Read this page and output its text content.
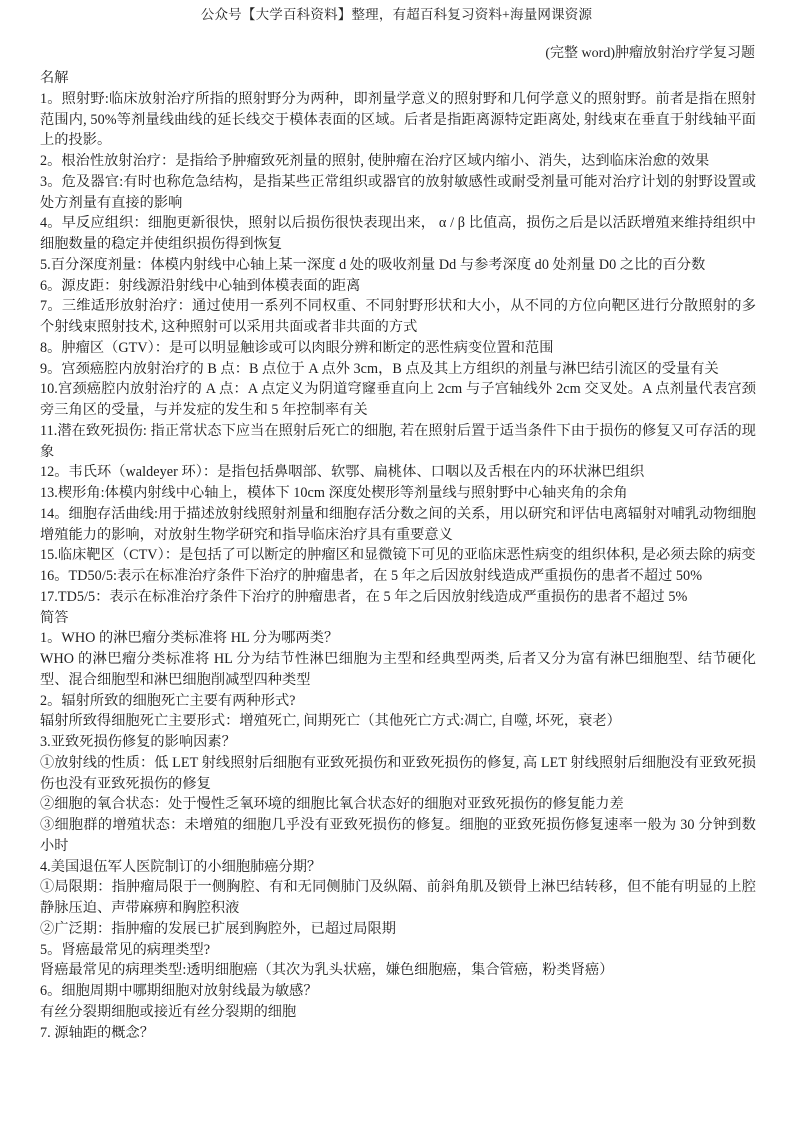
公众号【大学百科资料】整理，有超百科复习资料+海量网课资源
(完整 word)肿瘤放射治疗学复习题

名解

1。照射野:临床放射治疗所指的照射野分为两种，即剂量学意义的照射野和几何学意义的照射野。前者是指在照射范围内, 50%等剂量线曲线的延长线交于模体表面的区域。后者是指距离源特定距离处, 射线束在垂直于射线轴平面上的投影。

2。根治性放射治疗：是指给予肿瘤致死剂量的照射, 使肿瘤在治疗区域内缩小、消失，达到临床治愈的效果

3。危及器官:有时也称危急结构，是指某些正常组织或器官的放射敏感性或耐受剂量可能对治疗计划的射野设置或处方剂量有直接的影响

4。早反应组织：细胞更新很快，照射以后损伤很快表现出来， α / β 比值高，损伤之后是以活跃增殖来维持组织中细胞数量的稳定并使组织损伤得到恢复

5.百分深度剂量：体模内射线中心轴上某一深度 d 处的吸收剂量 Dd 与参考深度 d0 处剂量 D0 之比的百分数

6。源皮距：射线源沿射线中心轴到体模表面的距离

7。三维适形放射治疗：通过使用一系列不同权重、不同射野形状和大小，从不同的方位向靶区进行分散照射的多个射线束照射技术, 这种照射可以采用共面或者非共面的方式

8。肿瘤区（GTV）：是可以明显触诊或可以肉眼分辨和断定的恶性病变位置和范围

9。宫颈癌腔内放射治疗的 B 点：B 点位于 A 点外 3cm，B 点及其上方组织的剂量与淋巴结引流区的受量有关

10.宫颈癌腔内放射治疗的 A 点：A 点定义为阴道穹窿垂直向上 2cm 与子宫轴线外 2cm 交叉处。A 点剂量代表宫颈旁三角区的受量，与并发症的发生和 5 年控制率有关

11.潜在致死损伤: 指正常状态下应当在照射后死亡的细胞, 若在照射后置于适当条件下由于损伤的修复又可存活的现象

12。韦氏环（waldeyer 环）：是指包括鼻咽部、软鄂、扁桃体、口咽以及舌根在内的环状淋巴组织

13.楔形角:体模内射线中心轴上，模体下 10cm 深度处楔形等剂量线与照射野中心轴夹角的余角

14。细胞存活曲线:用于描述放射线照射剂量和细胞存活分数之间的关系，用以研究和评估电离辐射对哺乳动物细胞增殖能力的影响，对放射生物学研究和指导临床治疗具有重要意义

15.临床靶区（CTV）：是包括了可以断定的肿瘤区和显微镜下可见的亚临床恶性病变的组织体积, 是必须去除的病变

16。TD50/5:表示在标准治疗条件下治疗的肿瘤患者，在 5 年之后因放射线造成严重损伤的患者不超过 50%

17.TD5/5：表示在标准治疗条件下治疗的肿瘤患者，在 5 年之后因放射线造成严重损伤的患者不超过 5%

简答

1。WHO 的淋巴瘤分类标准将 HL 分为哪两类？

WHO 的淋巴瘤分类标准将 HL 分为结节性淋巴细胞为主型和经典型两类, 后者又分为富有淋巴细胞型、结节硬化型、混合细胞型和淋巴细胞削减型四种类型

2。辐射所致的细胞死亡主要有两种形式?

辐射所致得细胞死亡主要形式：增殖死亡, 间期死亡（其他死亡方式:凋亡, 自噬, 坏死，衰老）

3.亚致死损伤修复的影响因素？

①放射线的性质：低 LET 射线照射后细胞有亚致死损伤和亚致死损伤的修复, 高 LET 射线照射后细胞没有亚致死损伤也没有亚致死损伤的修复

②细胞的氧合状态：处于慢性乏氧环境的细胞比氧合状态好的细胞对亚致死损伤的修复能力差

③细胞群的增殖状态：未增殖的细胞几乎没有亚致死损伤的修复。细胞的亚致死损伤修复速率一般为 30 分钟到数小时

4.美国退伍军人医院制订的小细胞肺癌分期？

①局限期：指肿瘤局限于一侧胸腔、有和无同侧肺门及纵隔、前斜角肌及锁骨上淋巴结转移，但不能有明显的上腔静脉压迫、声带麻痹和胸腔积液

②广泛期：指肿瘤的发展已扩展到胸腔外，已超过局限期

5。肾癌最常见的病理类型?

肾癌最常见的病理类型:透明细胞癌（其次为乳头状癌，嫌色细胞癌，集合管癌，粉类肾癌）

6。细胞周期中哪期细胞对放射线最为敏感？

有丝分裂期细胞或接近有丝分裂期的细胞

7. 源轴距的概念？
